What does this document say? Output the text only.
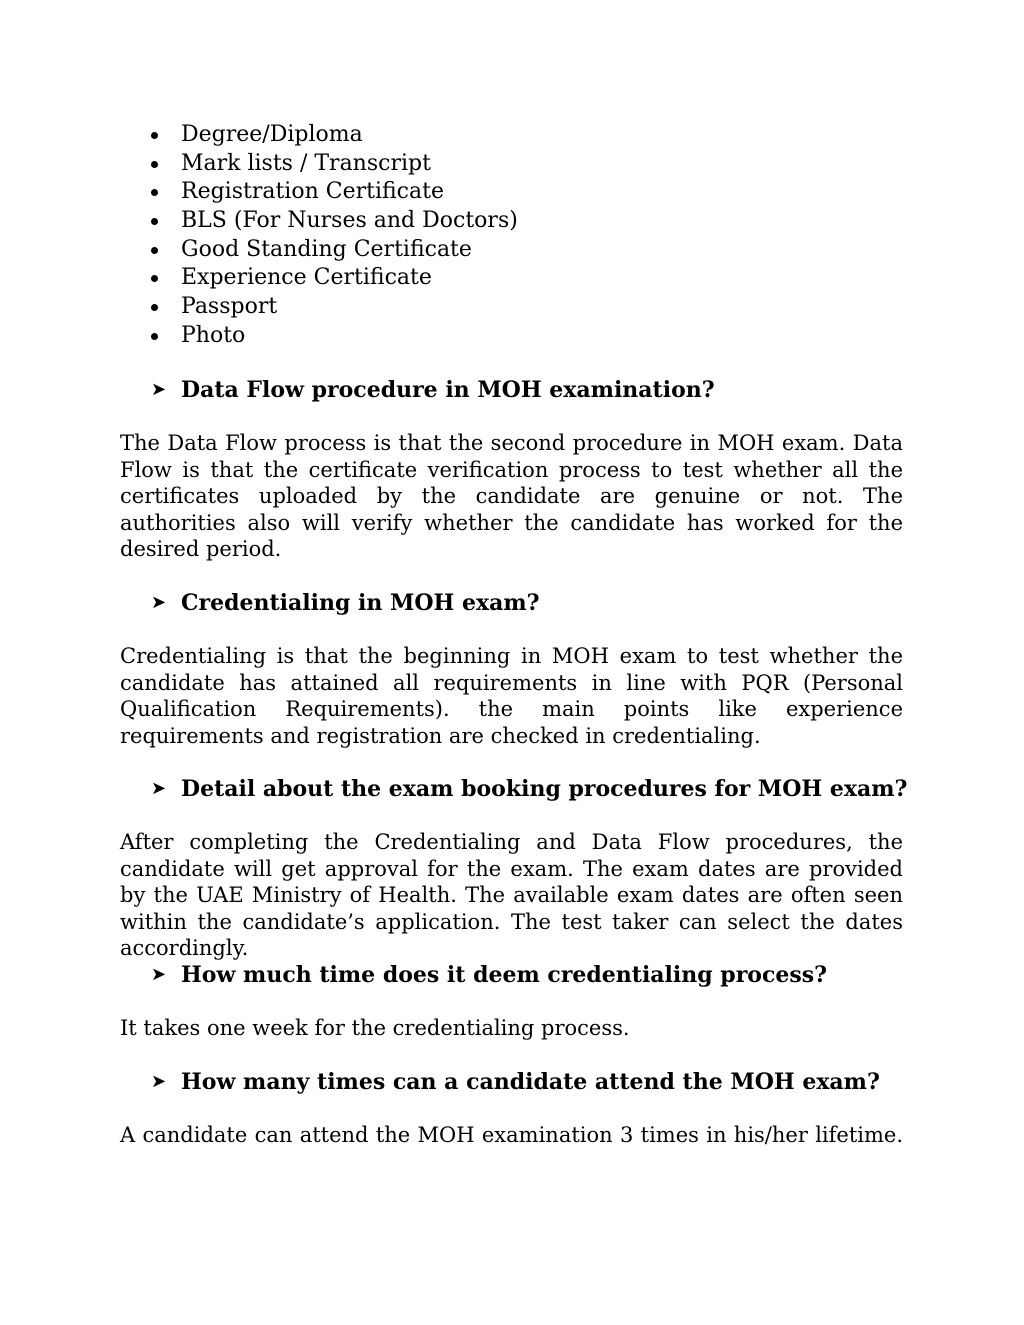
Degree/Diploma
Mark lists / Transcript
Registration Certificate
BLS (For Nurses and Doctors)
Good Standing Certificate
Experience Certificate
Passport
Photo
➤ Data Flow procedure in MOH examination?

The Data Flow process is that the second procedure in MOH exam. Data Flow is that the certificate verification process to test whether all the certificates uploaded by the candidate are genuine or not. The authorities also will verify whether the candidate has worked for the desired period.

➤ Credentialing in MOH exam?

Credentialing is that the beginning in MOH exam to test whether the candidate has attained all requirements in line with PQR (Personal Qualification Requirements). the main points like experience requirements and registration are checked in credentialing.

➤ Detail about the exam booking procedures for MOH exam?

After completing the Credentialing and Data Flow procedures, the candidate will get approval for the exam. The exam dates are provided by the UAE Ministry of Health. The available exam dates are often seen within the candidate’s application. The test taker can select the dates accordingly.

➤ How much time does it deem credentialing process?

It takes one week for the credentialing process.

➤ How many times can a candidate attend the MOH exam?

A candidate can attend the MOH examination 3 times in his/her lifetime.
